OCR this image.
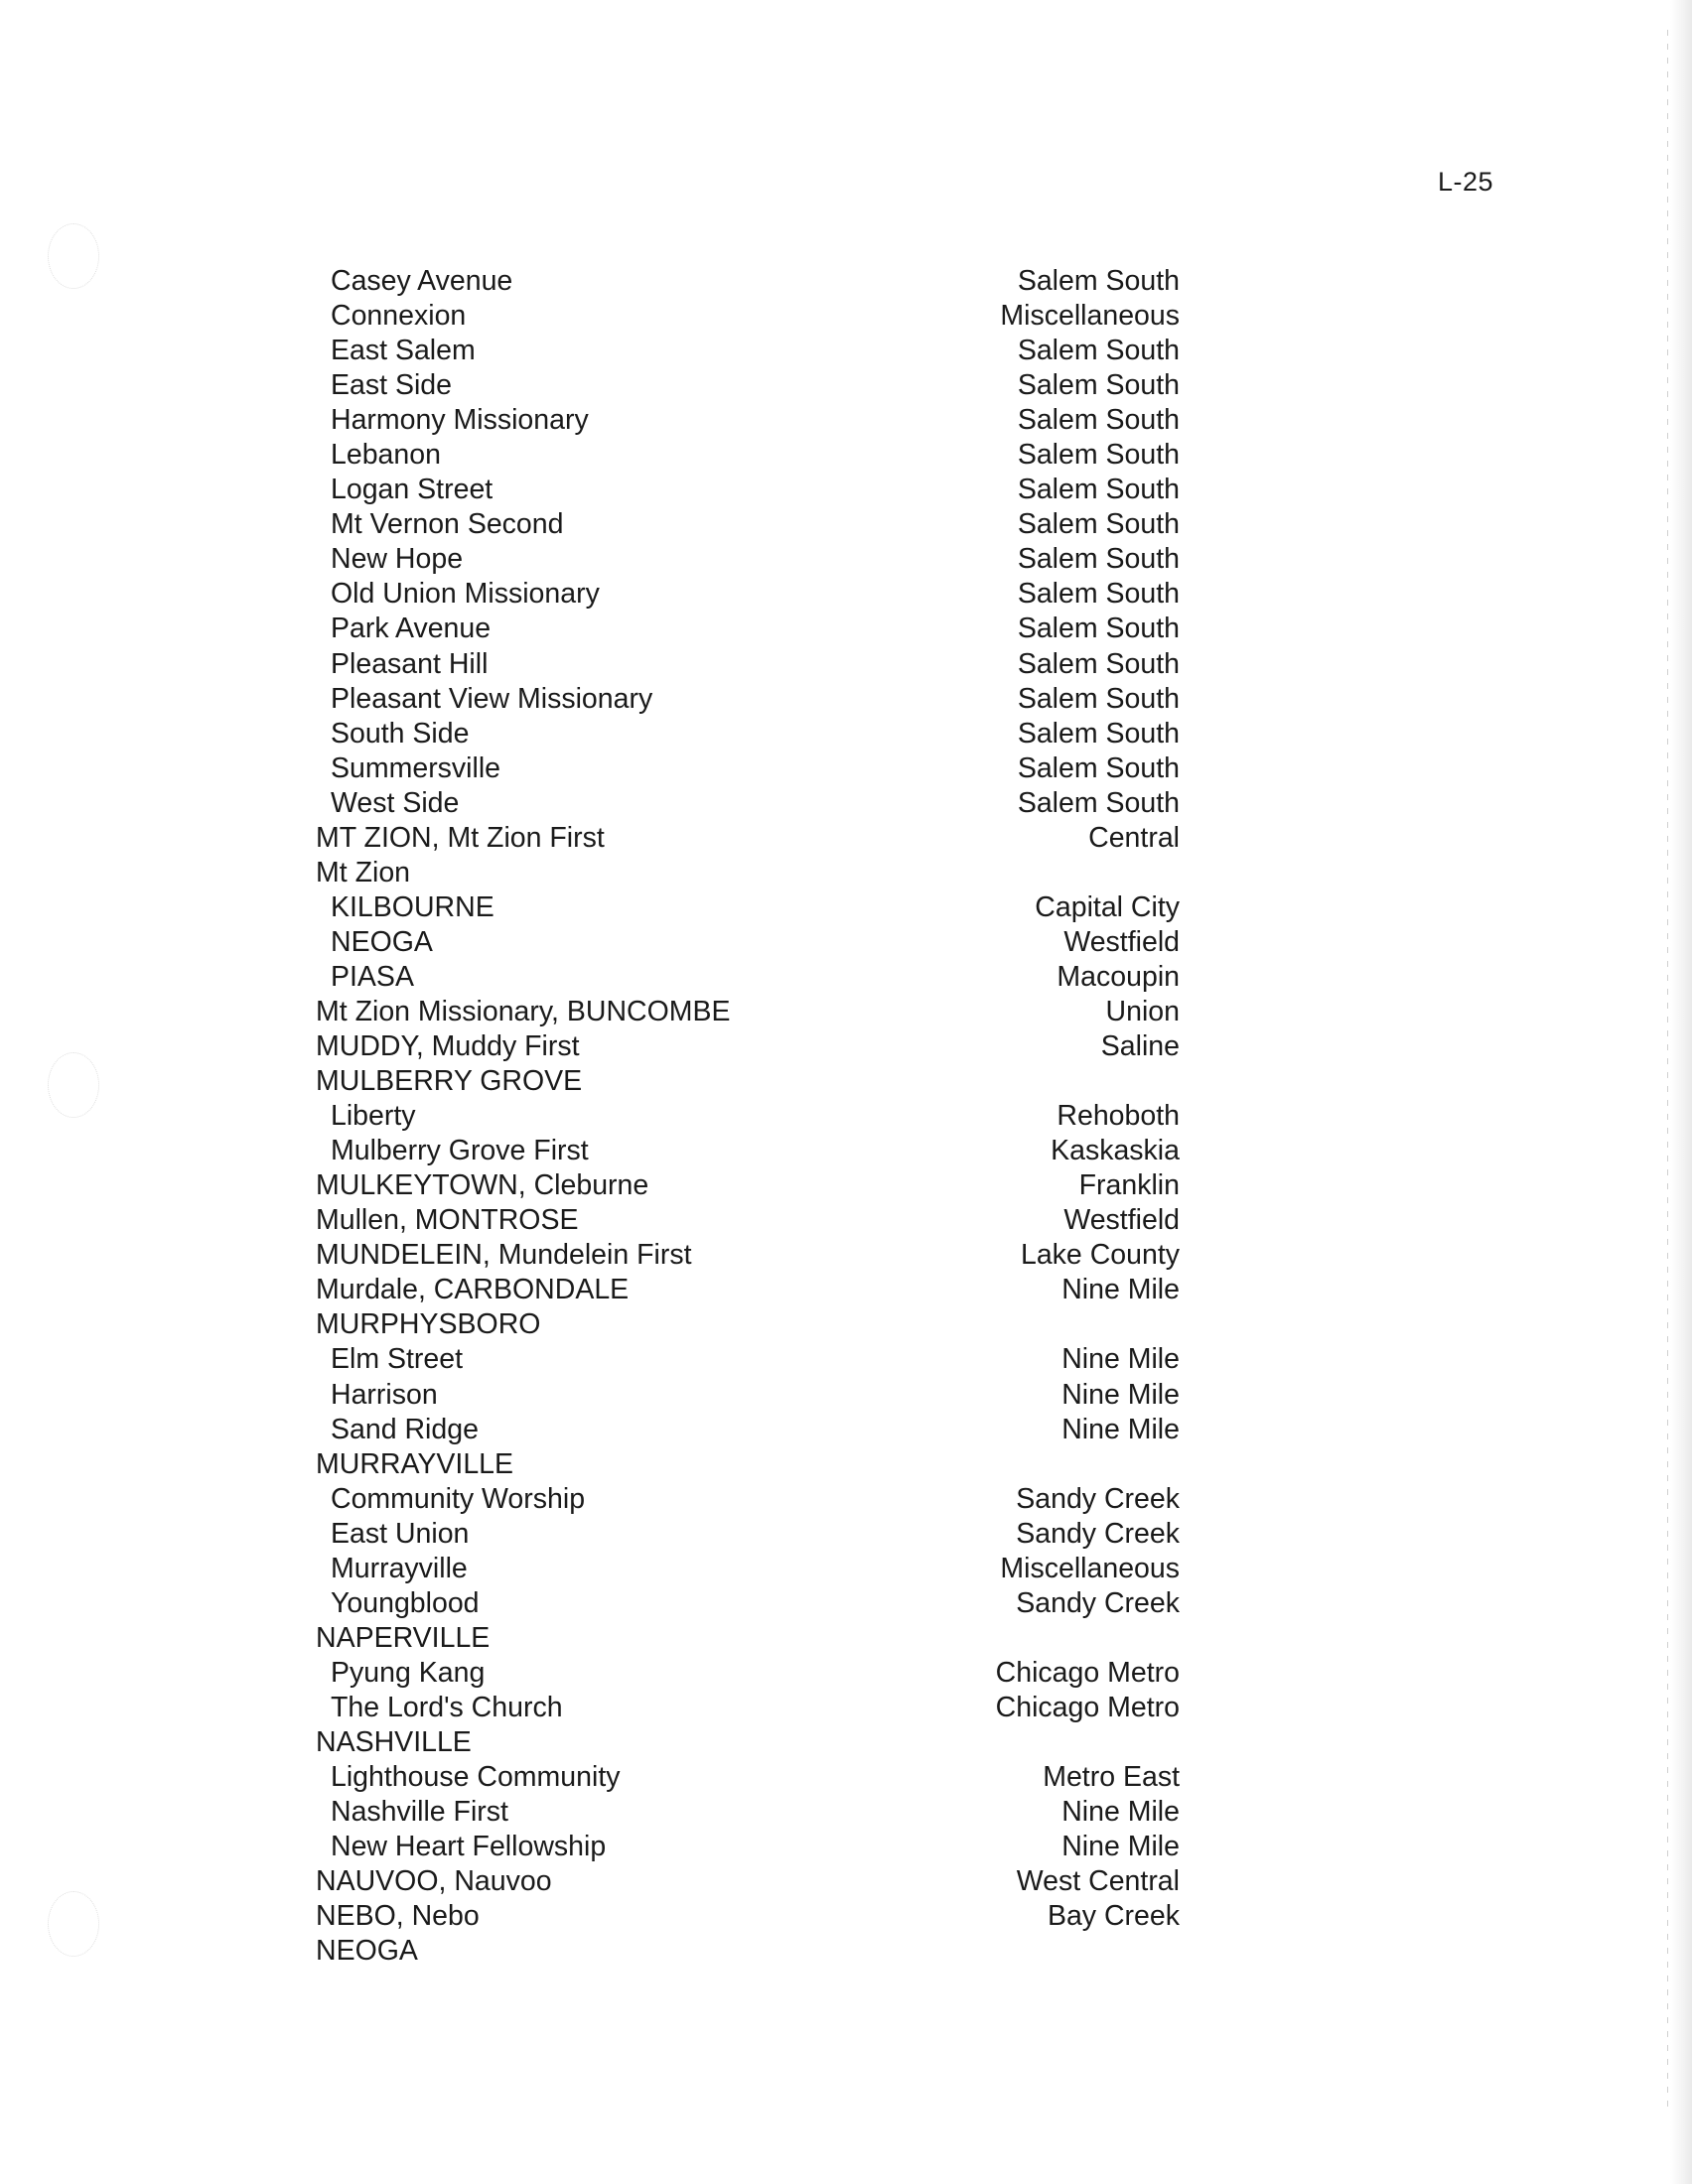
L-25
Casey Avenue	Salem South
Connexion	Miscellaneous
East Salem	Salem South
East Side	Salem South
Harmony Missionary	Salem South
Lebanon	Salem South
Logan Street	Salem South
Mt Vernon Second	Salem South
New Hope	Salem South
Old Union Missionary	Salem South
Park Avenue	Salem South
Pleasant Hill	Salem South
Pleasant View Missionary	Salem South
South Side	Salem South
Summersville	Salem South
West Side	Salem South
MT ZION, Mt Zion First	Central
Mt Zion
KILBOURNE	Capital City
NEOGA	Westfield
PIASA	Macoupin
Mt Zion Missionary, BUNCOMBE	Union
MUDDY, Muddy First	Saline
MULBERRY GROVE
Liberty	Rehoboth
Mulberry Grove First	Kaskaskia
MULKEYTOWN, Cleburne	Franklin
Mullen, MONTROSE	Westfield
MUNDELEIN, Mundelein First	Lake County
Murdale, CARBONDALE	Nine Mile
MURPHYSBORO
Elm Street	Nine Mile
Harrison	Nine Mile
Sand Ridge	Nine Mile
MURRAYVILLE
Community Worship	Sandy Creek
East Union	Sandy Creek
Murrayville	Miscellaneous
Youngblood	Sandy Creek
NAPERVILLE
Pyung Kang	Chicago Metro
The Lord's Church	Chicago Metro
NASHVILLE
Lighthouse Community	Metro East
Nashville First	Nine Mile
New Heart Fellowship	Nine Mile
NAUVOO, Nauvoo	West Central
NEBO, Nebo	Bay Creek
NEOGA
